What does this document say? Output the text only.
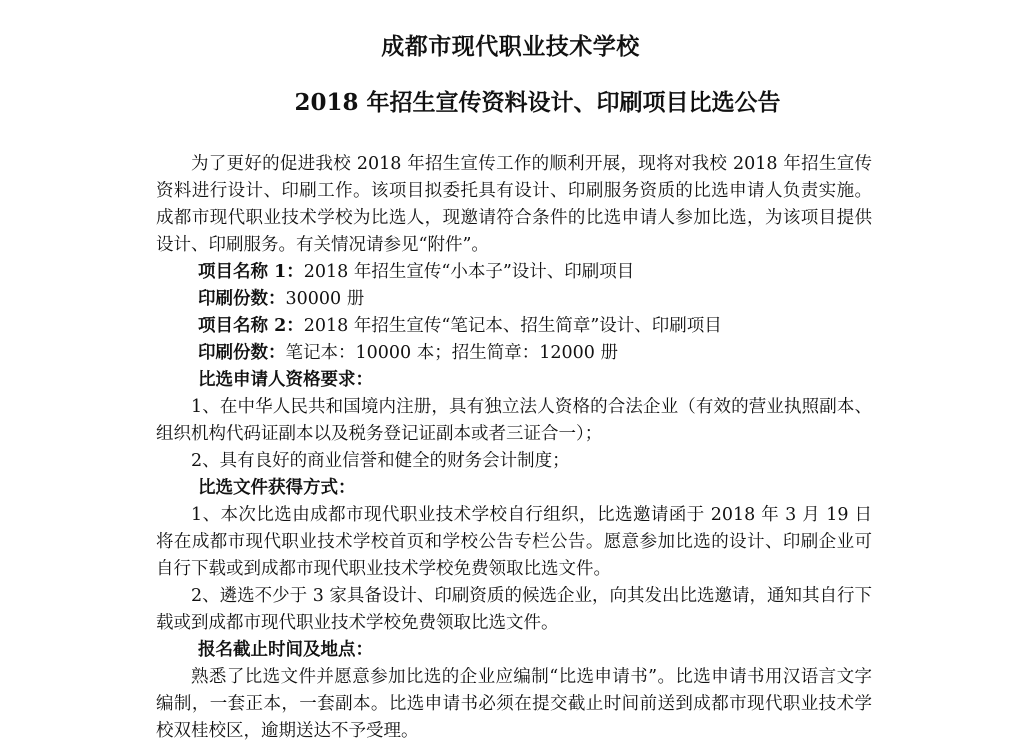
成都市现代职业技术学校
2018 年招生宣传资料设计、印刷项目比选公告

为了更好的促进我校 2018 年招生宣传工作的顺利开展，现将对我校 2018 年招生宣传资料进行设计、印刷工作。该项目拟委托具有设计、印刷服务资质的比选申请人负责实施。成都市现代职业技术学校为比选人，现邀请符合条件的比选申请人参加比选，为该项目提供设计、印刷服务。有关情况请参见“附件”。

项目名称 1：2018 年招生宣传“小本子”设计、印刷项目

印刷份数：30000 册

项目名称 2：2018 年招生宣传“笔记本、招生简章”设计、印刷项目

印刷份数：笔记本：10000 本；招生简章：12000 册

比选申请人资格要求：

1、在中华人民共和国境内注册，具有独立法人资格的合法企业（有效的营业执照副本、组织机构代码证副本以及税务登记证副本或者三证合一）；

2、具有良好的商业信誉和健全的财务会计制度；

比选文件获得方式：

1、本次比选由成都市现代职业技术学校自行组织，比选邀请函于 2018 年 3 月 19 日将在成都市现代职业技术学校首页和学校公告专栏公告。愿意参加比选的设计、印刷企业可自行下载或到成都市现代职业技术学校免费领取比选文件。

2、遴选不少于 3 家具备设计、印刷资质的候选企业，向其发出比选邀请，通知其自行下载或到成都市现代职业技术学校免费领取比选文件。

报名截止时间及地点：

熟悉了比选文件并愿意参加比选的企业应编制“比选申请书”。比选申请书用汉语言文字编制，一套正本，一套副本。比选申请书必须在提交截止时间前送到成都市现代职业技术学校双桂校区，逾期送达不予受理。
